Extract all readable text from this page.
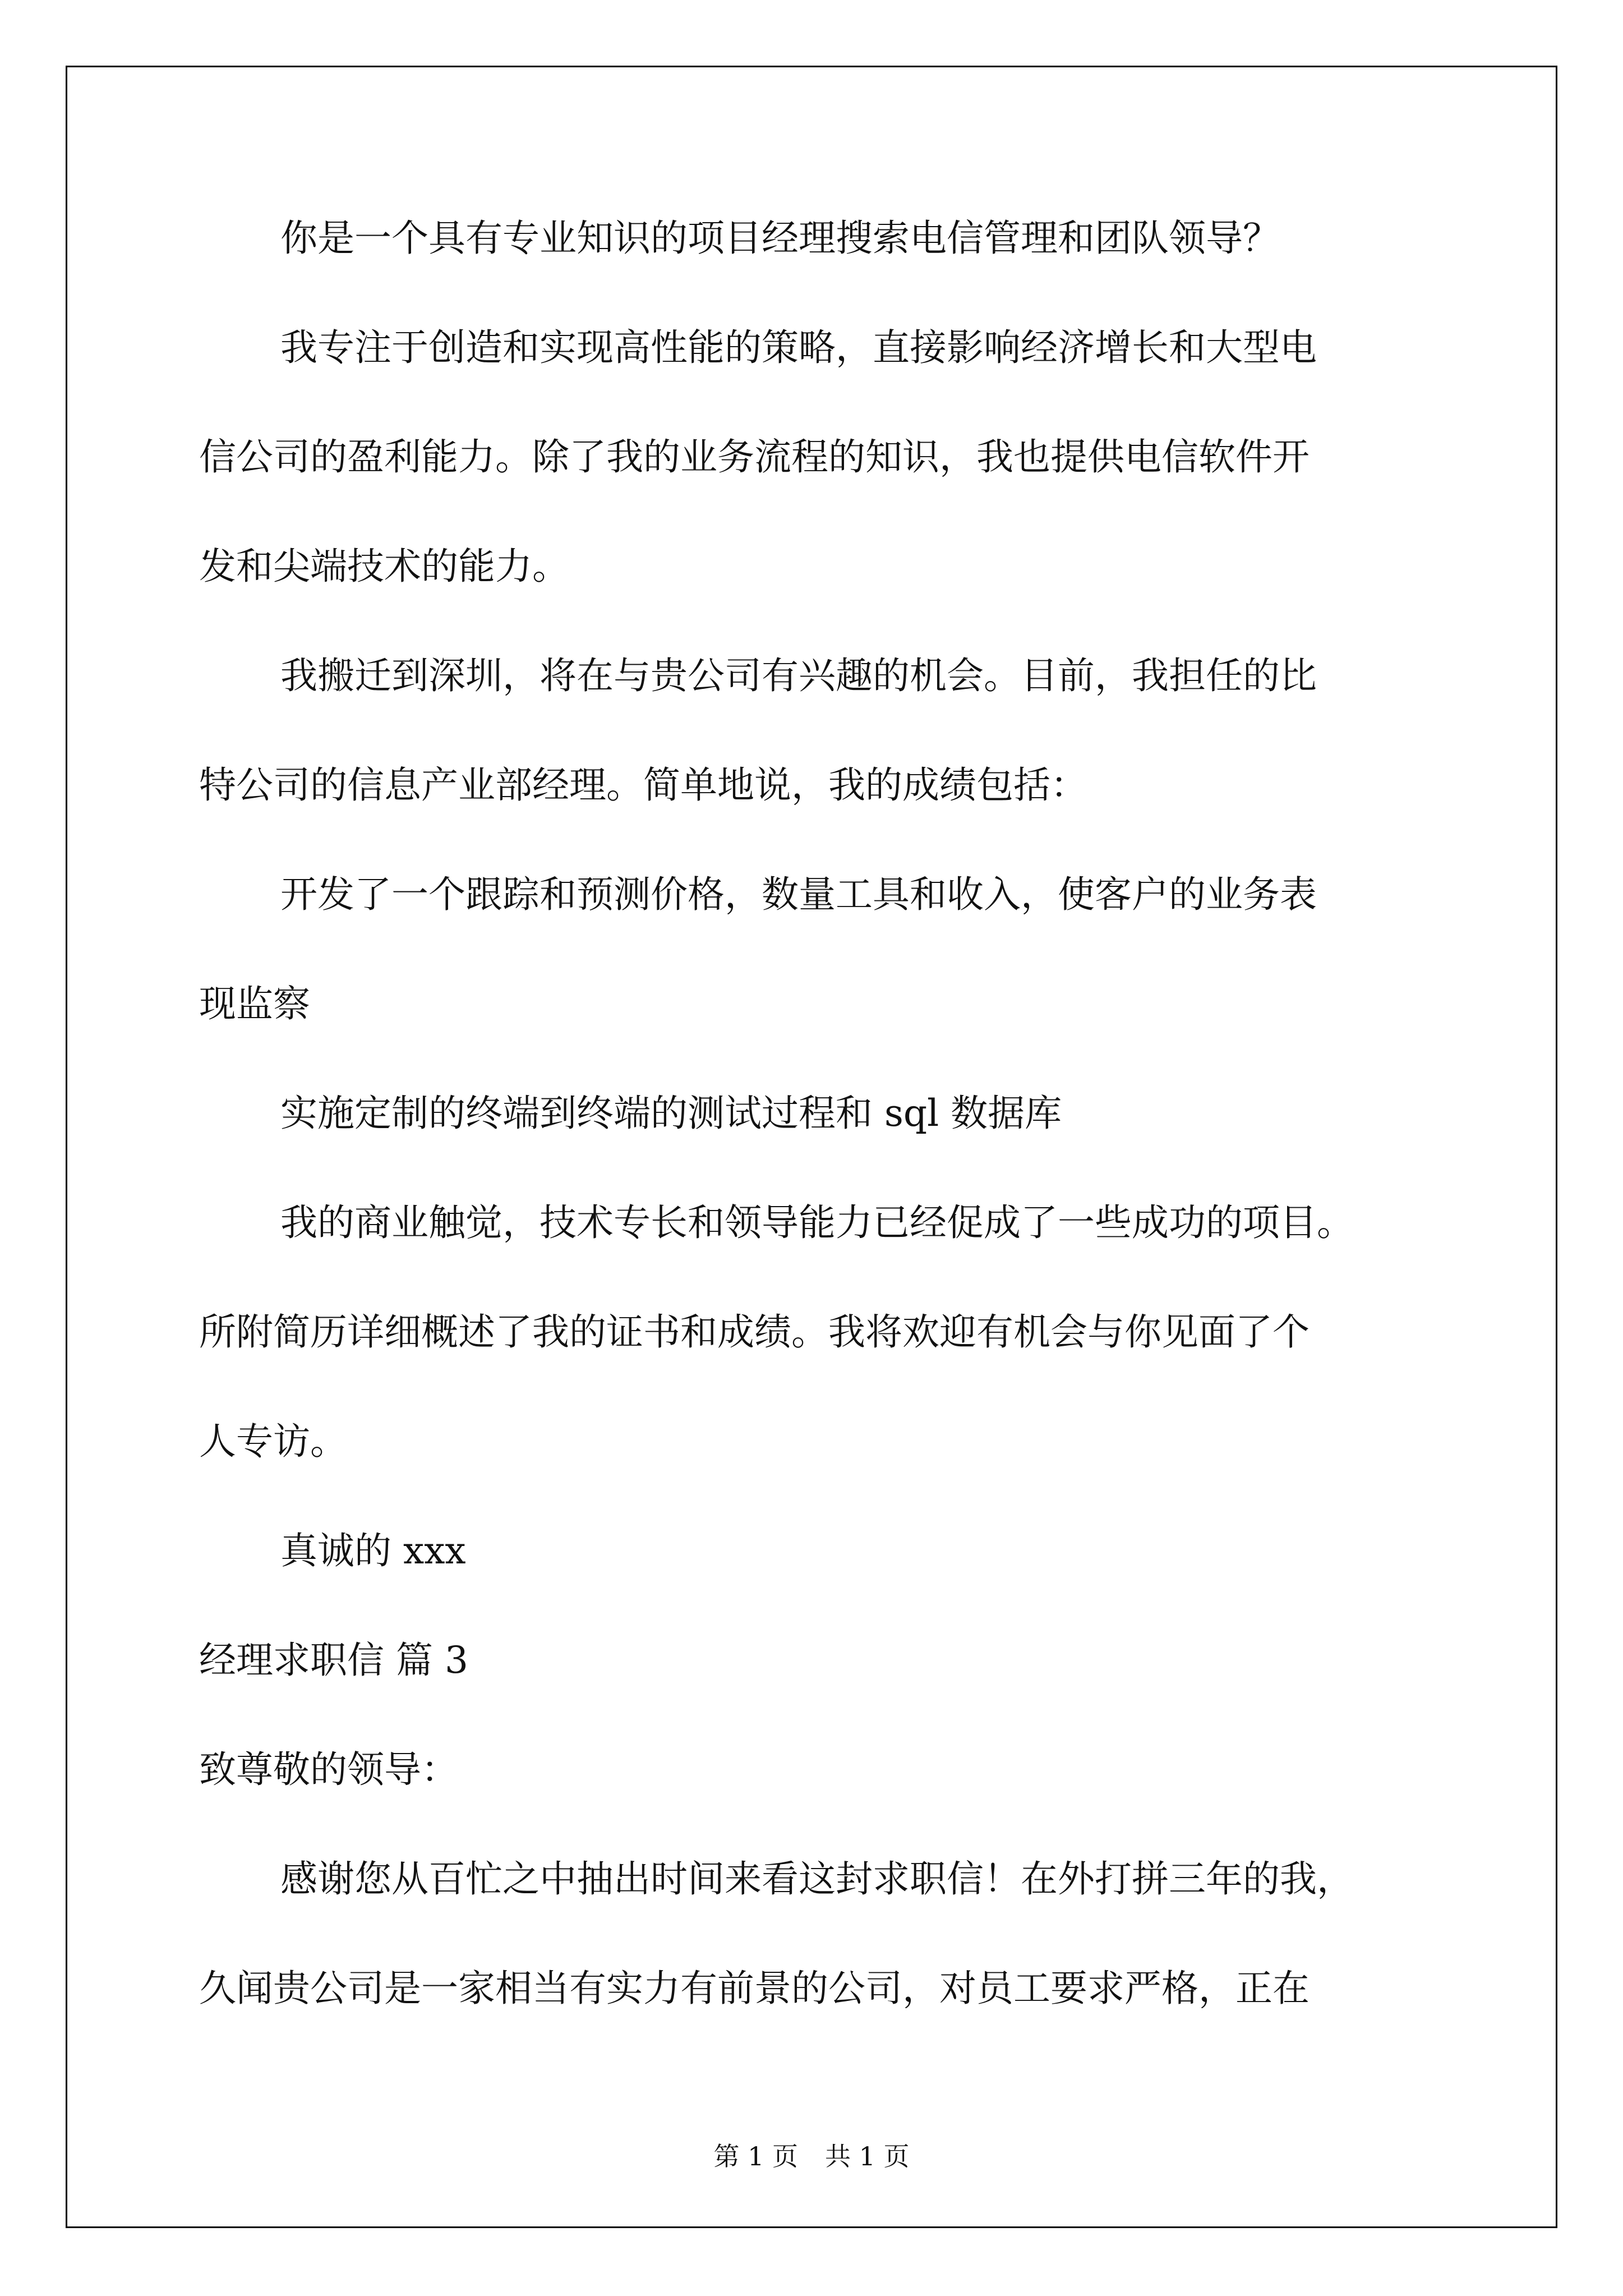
你是一个具有专业知识的项目经理搜索电信管理和团队领导？
我专注于创造和实现高性能的策略，直接影响经济增长和大型电
信公司的盈利能力。除了我的业务流程的知识，我也提供电信软件开
发和尖端技术的能力。
我搬迁到深圳，将在与贵公司有兴趣的机会。目前，我担任的比
特公司的信息产业部经理。简单地说，我的成绩包括：
开发了一个跟踪和预测价格，数量工具和收入，使客户的业务表
现监察
实施定制的终端到终端的测试过程和 sql 数据库
我的商业触觉，技术专长和领导能力已经促成了一些成功的项目。
所附简历详细概述了我的证书和成绩。我将欢迎有机会与你见面了个
人专访。
真诚的 xxx
经理求职信 篇 3
致尊敬的领导：
感谢您从百忙之中抽出时间来看这封求职信！在外打拼三年的我，
久闻贵公司是一家相当有实力有前景的公司，对员工要求严格，正在
第 1 页 共 1 页
